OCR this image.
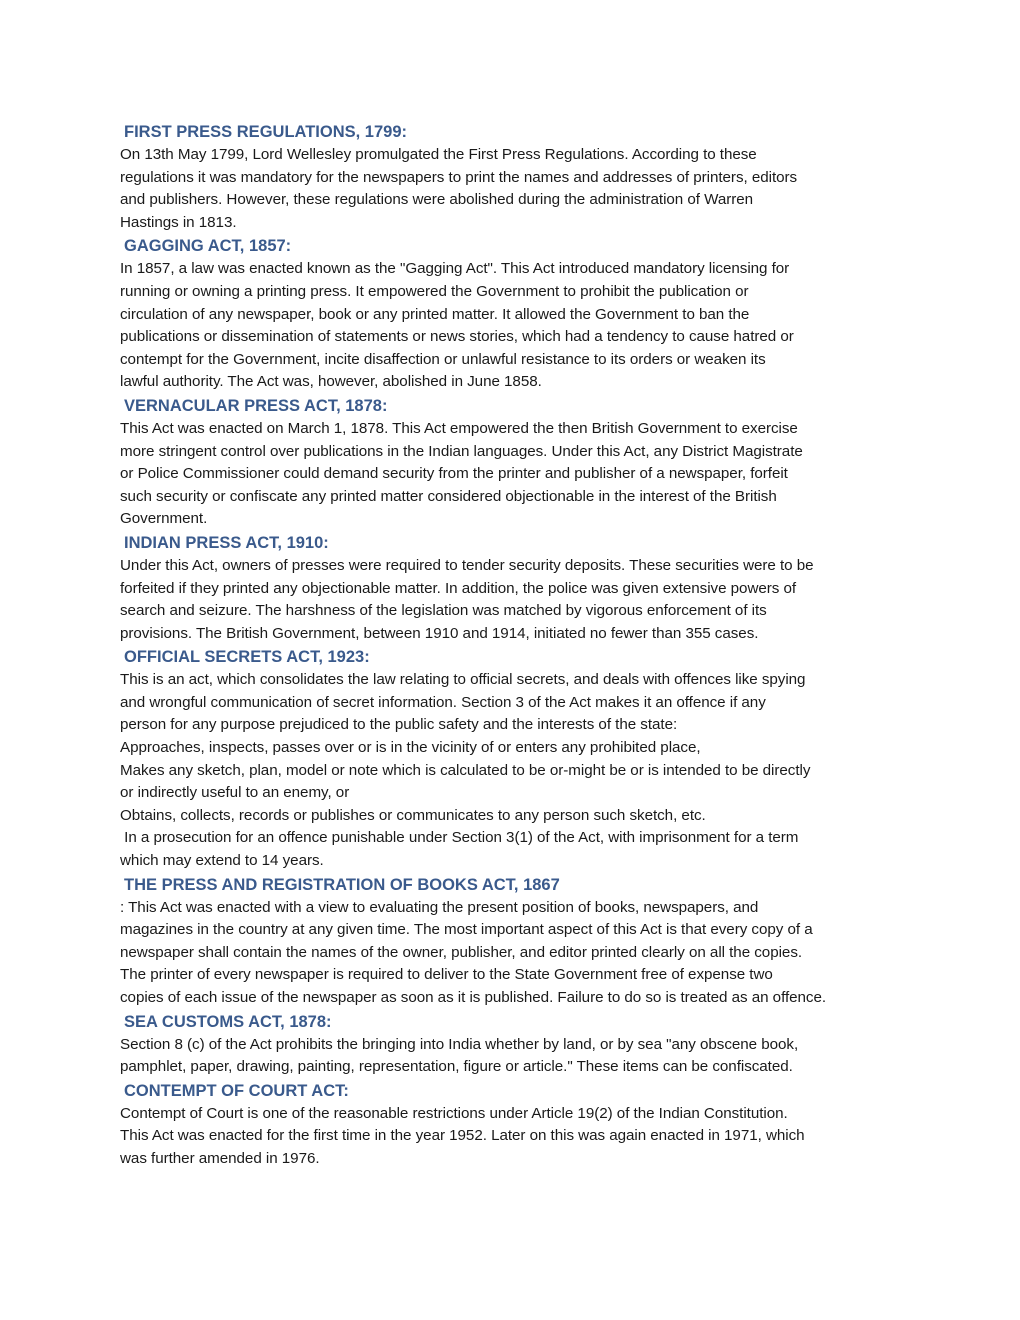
FIRST PRESS REGULATIONS, 1799:
On 13th May 1799, Lord Wellesley promulgated the First Press Regulations. According to these
regulations it was mandatory for the newspapers to print the names and addresses of printers, editors
and publishers. However, these regulations were abolished during the administration of Warren
Hastings in 1813.
GAGGING ACT, 1857:
In 1857, a law was enacted known as the "Gagging Act". This Act introduced mandatory licensing for
running or owning a printing press. It empowered the Government to prohibit the publication or
circulation of any newspaper, book or any printed matter. It allowed the Government to ban the
publications or dissemination of statements or news stories, which had a tendency to cause hatred or
contempt for the Government, incite disaffection or unlawful resistance to its orders or weaken its
lawful authority. The Act was, however, abolished in June 1858.
VERNACULAR PRESS ACT, 1878:
This Act was enacted on March 1, 1878. This Act empowered the then British Government to exercise
more stringent control over publications in the Indian languages. Under this Act, any District Magistrate
or Police Commissioner could demand security from the printer and publisher of a newspaper, forfeit
such security or confiscate any printed matter considered objectionable in the interest of the British
Government.
INDIAN PRESS ACT, 1910:
Under this Act, owners of presses were required to tender security deposits. These securities were to be
forfeited if they printed any objectionable matter. In addition, the police was given extensive powers of
search and seizure. The harshness of the legislation was matched by vigorous enforcement of its
provisions. The British Government, between 1910 and 1914, initiated no fewer than 355 cases.
OFFICIAL SECRETS ACT, 1923:
This is an act, which consolidates the law relating to official secrets, and deals with offences like spying
and wrongful communication of secret information. Section 3 of the Act makes it an offence if any
person for any purpose prejudiced to the public safety and the interests of the state:
Approaches, inspects, passes over or is in the vicinity of or enters any prohibited place,
Makes any sketch, plan, model or note which is calculated to be or-might be or is intended to be directly
or indirectly useful to an enemy, or
Obtains, collects, records or publishes or communicates to any person such sketch, etc.
In a prosecution for an offence punishable under Section 3(1) of the Act, with imprisonment for a term
which may extend to 14 years.
THE PRESS AND REGISTRATION OF BOOKS ACT, 1867
: This Act was enacted with a view to evaluating the present position of books, newspapers, and
magazines in the country at any given time. The most important aspect of this Act is that every copy of a
newspaper shall contain the names of the owner, publisher, and editor printed clearly on all the copies.
The printer of every newspaper is required to deliver to the State Government free of expense two
copies of each issue of the newspaper as soon as it is published. Failure to do so is treated as an offence.
SEA CUSTOMS ACT, 1878:
Section 8 (c) of the Act prohibits the bringing into India whether by land, or by sea "any obscene book,
pamphlet, paper, drawing, painting, representation, figure or article." These items can be confiscated.
CONTEMPT OF COURT ACT:
Contempt of Court is one of the reasonable restrictions under Article 19(2) of the Indian Constitution.
This Act was enacted for the first time in the year 1952. Later on this was again enacted in 1971, which
was further amended in 1976.
